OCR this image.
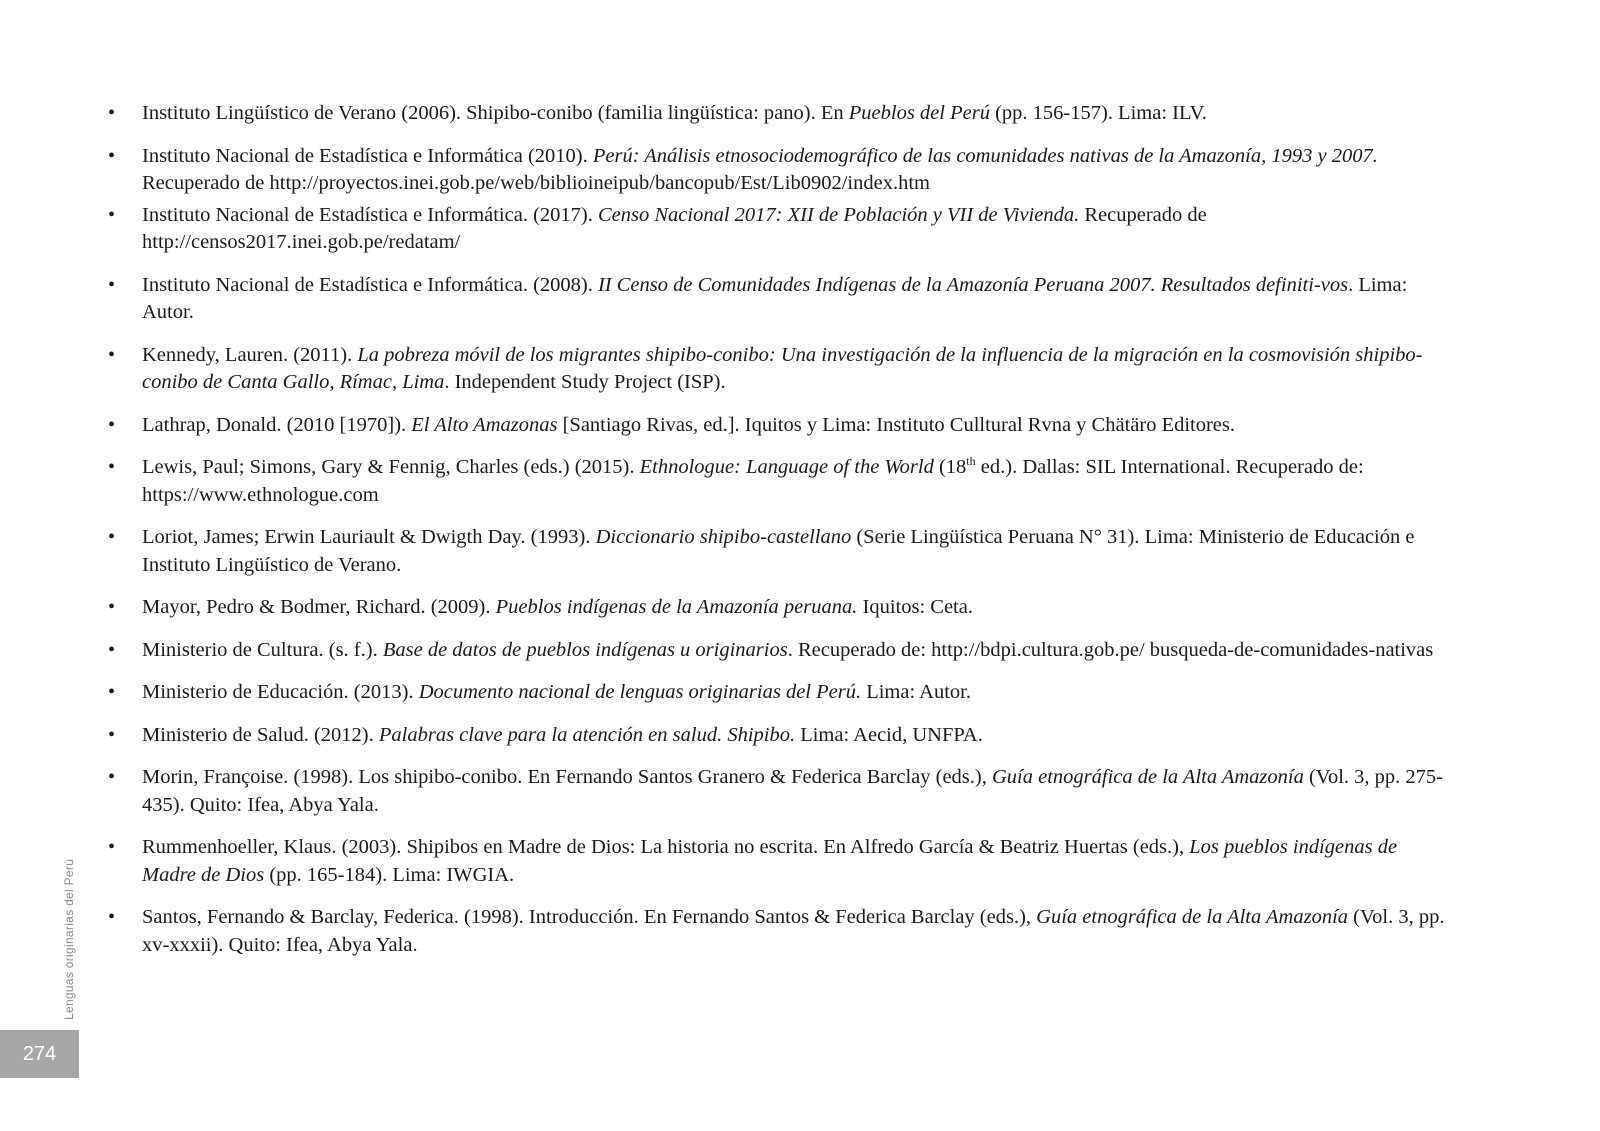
• Instituto Lingüístico de Verano (2006). Shipibo-conibo (familia lingüística: pano). En Pueblos del Perú (pp. 156-157). Lima: ILV.
• Instituto Nacional de Estadística e Informática (2010). Perú: Análisis etnosociodemográfico de las comunidades nativas de la Amazonía, 1993 y 2007. Recuperado de http://proyectos.inei.gob.pe/web/biblioineipub/bancopub/Est/Lib0902/index.htm
• Instituto Nacional de Estadística e Informática. (2017). Censo Nacional 2017: XII de Población y VII de Vivienda. Recuperado de http://censos2017.inei.gob.pe/redatam/
• Instituto Nacional de Estadística e Informática. (2008). II Censo de Comunidades Indígenas de la Amazonía Peruana 2007. Resultados definiti-vos. Lima: Autor.
• Kennedy, Lauren. (2011). La pobreza móvil de los migrantes shipibo-conibo: Una investigación de la influencia de la migración en la cosmovisión shipibo-conibo de Canta Gallo, Rímac, Lima. Independent Study Project (ISP).
• Lathrap, Donald. (2010 [1970]). El Alto Amazonas [Santiago Rivas, ed.]. Iquitos y Lima: Instituto Culltural Rvna y Chätäro Editores.
• Lewis, Paul; Simons, Gary & Fennig, Charles (eds.) (2015). Ethnologue: Language of the World (18th ed.). Dallas: SIL International. Recuperado de: https://www.ethnologue.com
• Loriot, James; Erwin Lauriault & Dwigth Day. (1993). Diccionario shipibo-castellano (Serie Lingüística Peruana N° 31). Lima: Ministerio de Educación e Instituto Lingüístico de Verano.
• Mayor, Pedro & Bodmer, Richard. (2009). Pueblos indígenas de la Amazonía peruana. Iquitos: Ceta.
• Ministerio de Cultura. (s. f.). Base de datos de pueblos indígenas u originarios. Recuperado de: http://bdpi.cultura.gob.pe/ busqueda-de-comunidades-nativas
• Ministerio de Educación. (2013). Documento nacional de lenguas originarias del Perú. Lima: Autor.
• Ministerio de Salud. (2012). Palabras clave para la atención en salud. Shipibo. Lima: Aecid, UNFPA.
• Morin, Françoise. (1998). Los shipibo-conibo. En Fernando Santos Granero & Federica Barclay (eds.), Guía etnográfica de la Alta Amazonía (Vol. 3, pp. 275-435). Quito: Ifea, Abya Yala.
• Rummenhoeller, Klaus. (2003). Shipibos en Madre de Dios: La historia no escrita. En Alfredo García & Beatriz Huertas (eds.), Los pueblos indígenas de Madre de Dios (pp. 165-184). Lima: IWGIA.
• Santos, Fernando & Barclay, Federica. (1998). Introducción. En Fernando Santos & Federica Barclay (eds.), Guía etnográfica de la Alta Amazonía (Vol. 3, pp. xv-xxxii). Quito: Ifea, Abya Yala.
Lenguas originarias del Perú
274
